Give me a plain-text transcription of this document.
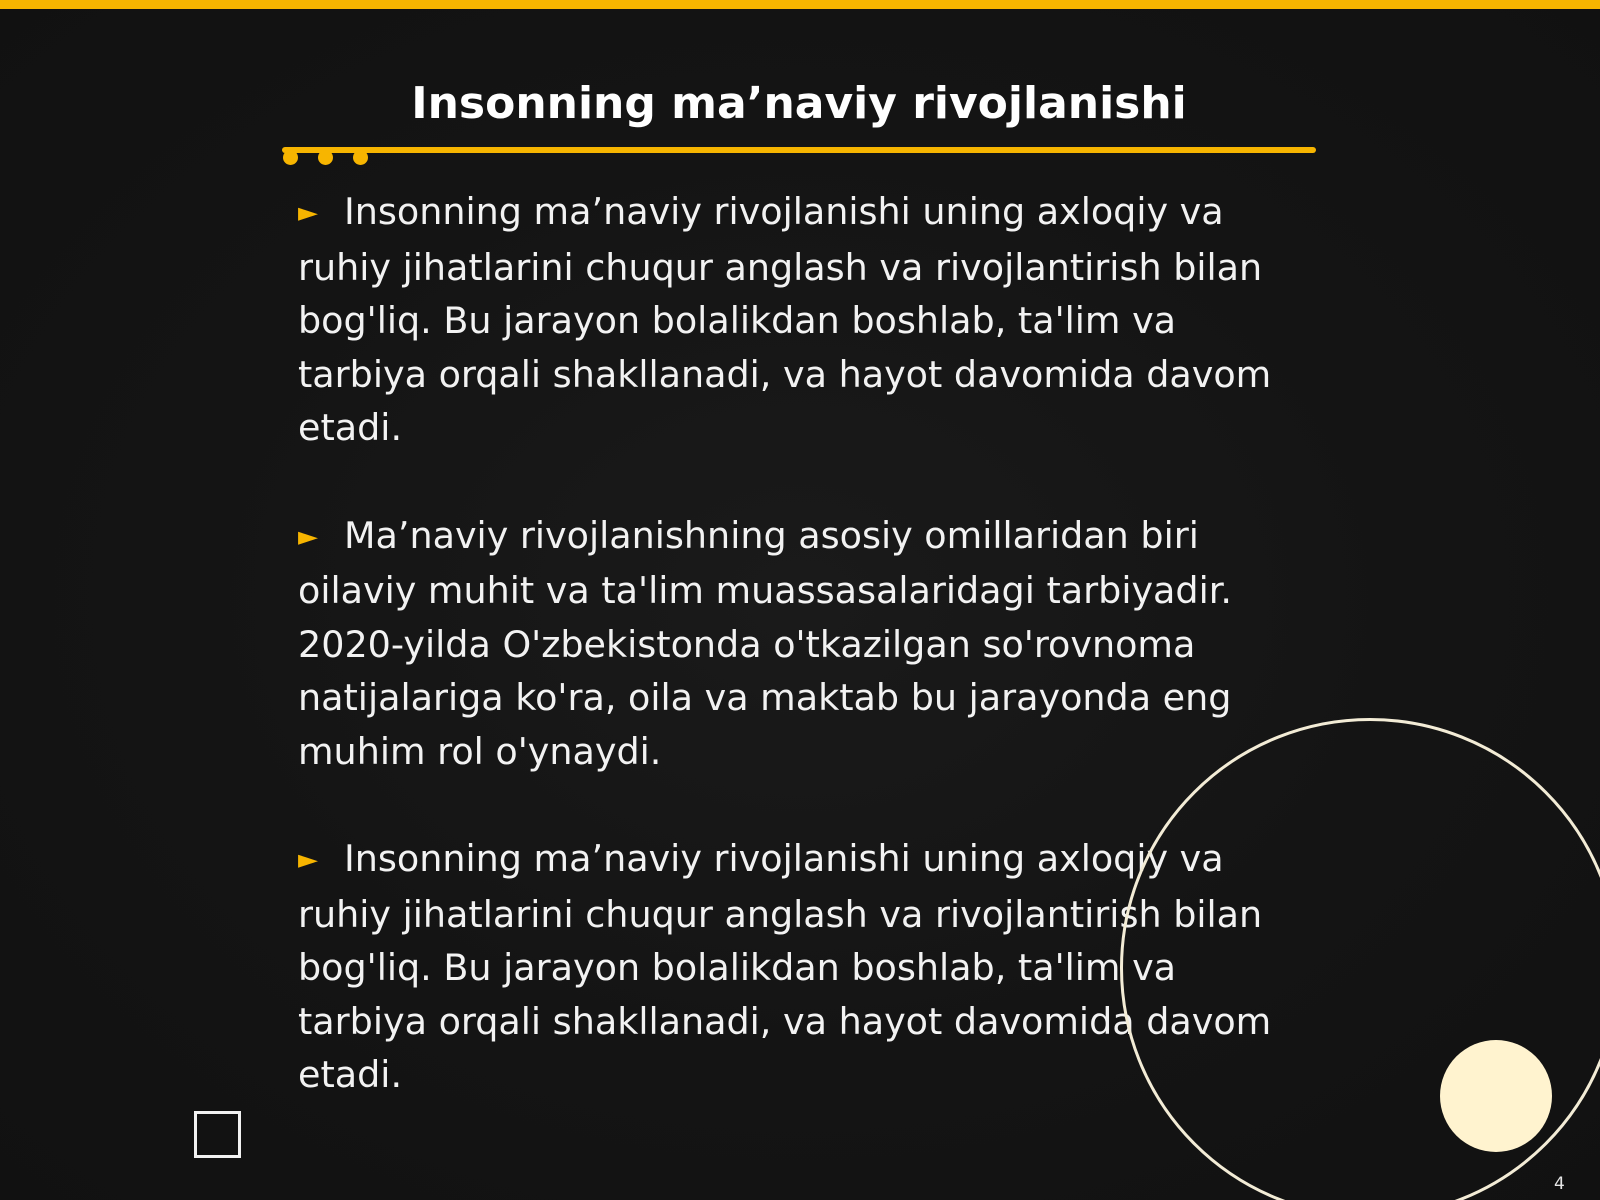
Insonning ma’naviy rivojlanishi

► Insonning ma’naviy rivojlanishi uning axloqiy va ruhiy jihatlarini chuqur anglash va rivojlantirish bilan bog'liq. Bu jarayon bolalikdan boshlab, ta'lim va tarbiya orqali shakllanadi, va hayot davomida davom etadi.

► Ma’naviy rivojlanishning asosiy omillaridan biri oilaviy muhit va ta'lim muassasalaridagi tarbiyadir. 2020-yilda O'zbekistonda o'tkazilgan so'rovnoma natijalariga ko'ra, oila va maktab bu jarayonda eng muhim rol o'ynaydi.

► Insonning ma’naviy rivojlanishi uning axloqiy va ruhiy jihatlarini chuqur anglash va rivojlantirish bilan bog'liq. Bu jarayon bolalikdan boshlab, ta'lim va tarbiya orqali shakllanadi, va hayot davomida davom etadi.

4
